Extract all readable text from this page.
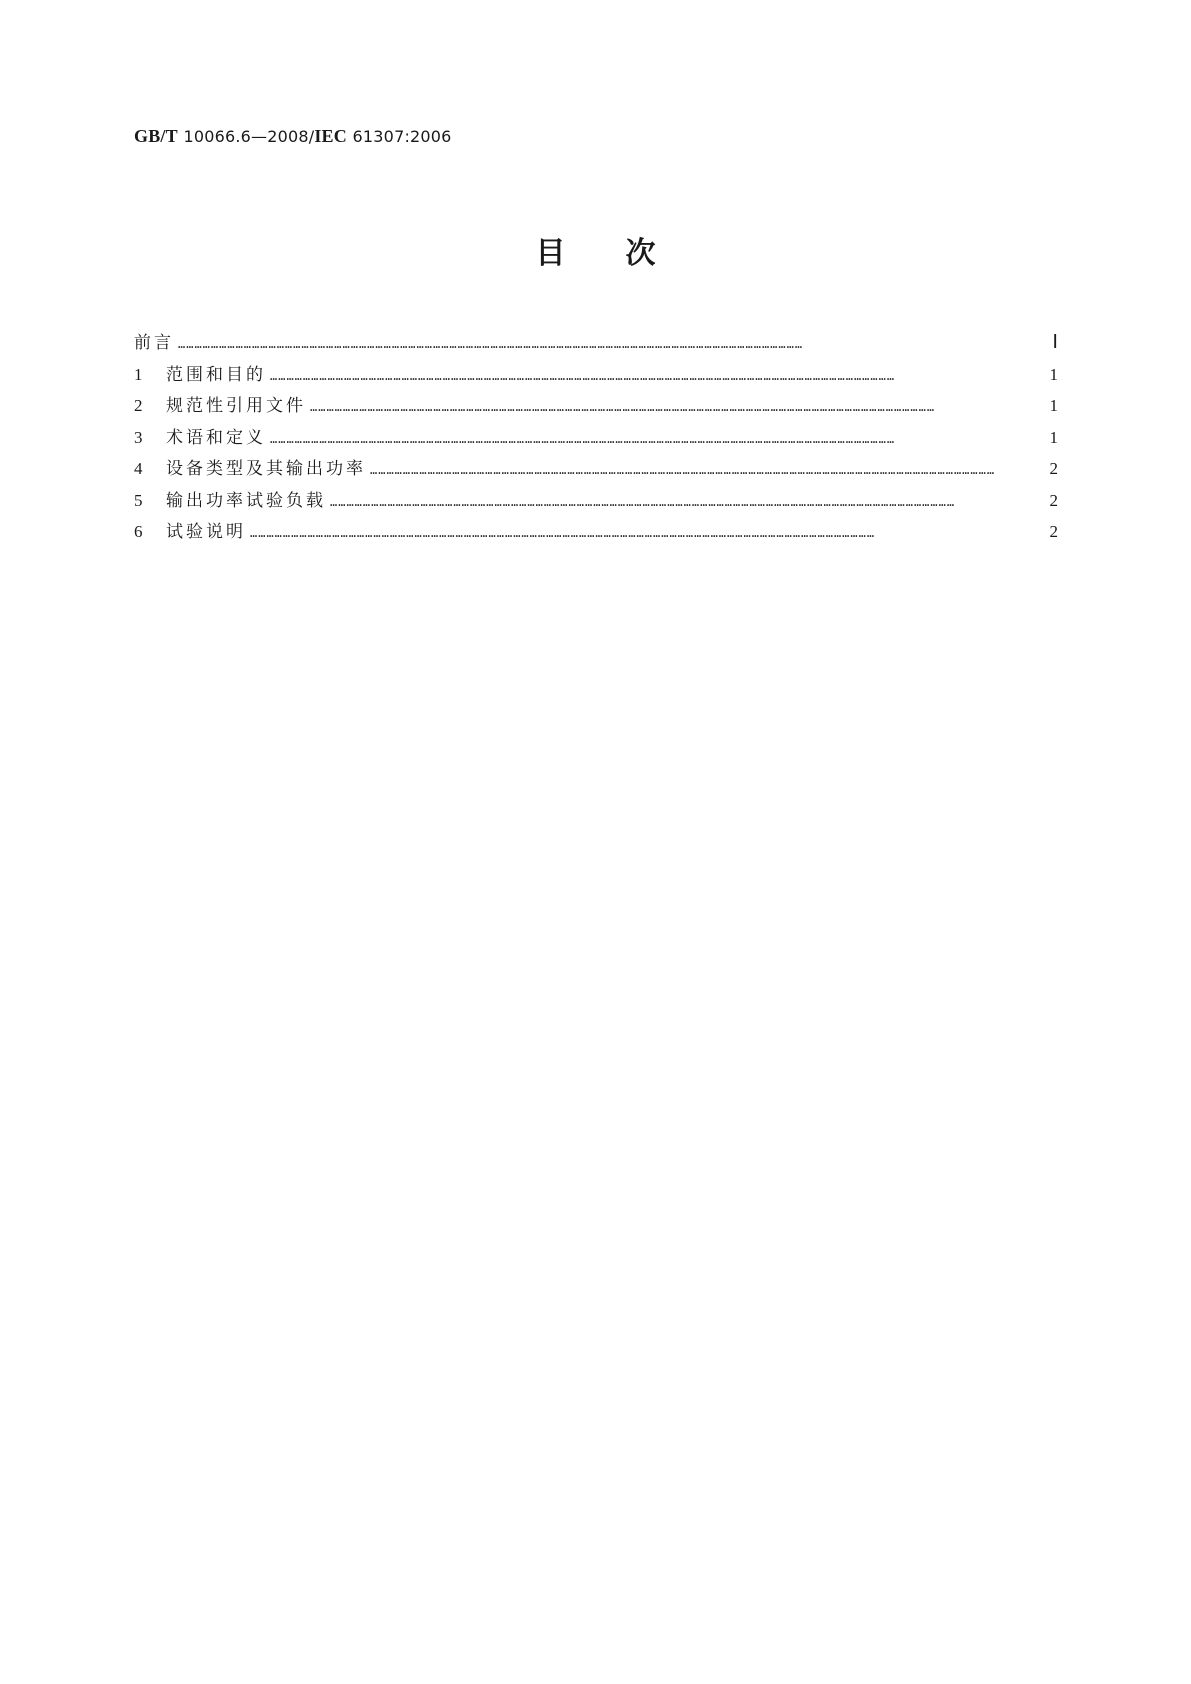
GB/T 10066.6—2008/IEC 61307:2006
目次
前言 …………………………………………………………………………………………………………………………………………………………………………………………………………	Ⅰ
1	范围和目的 …………………………………………………………………………………………………………………………………………………………………………………………………………	1
2	规范性引用文件 …………………………………………………………………………………………………………………………………………………………………………………………………………	1
3	术语和定义 …………………………………………………………………………………………………………………………………………………………………………………………………………	1
4	设备类型及其输出功率 …………………………………………………………………………………………………………………………………………………………………………………………………………	2
5	输出功率试验负载 …………………………………………………………………………………………………………………………………………………………………………………………………………	2
6	试验说明 …………………………………………………………………………………………………………………………………………………………………………………………………………	2
